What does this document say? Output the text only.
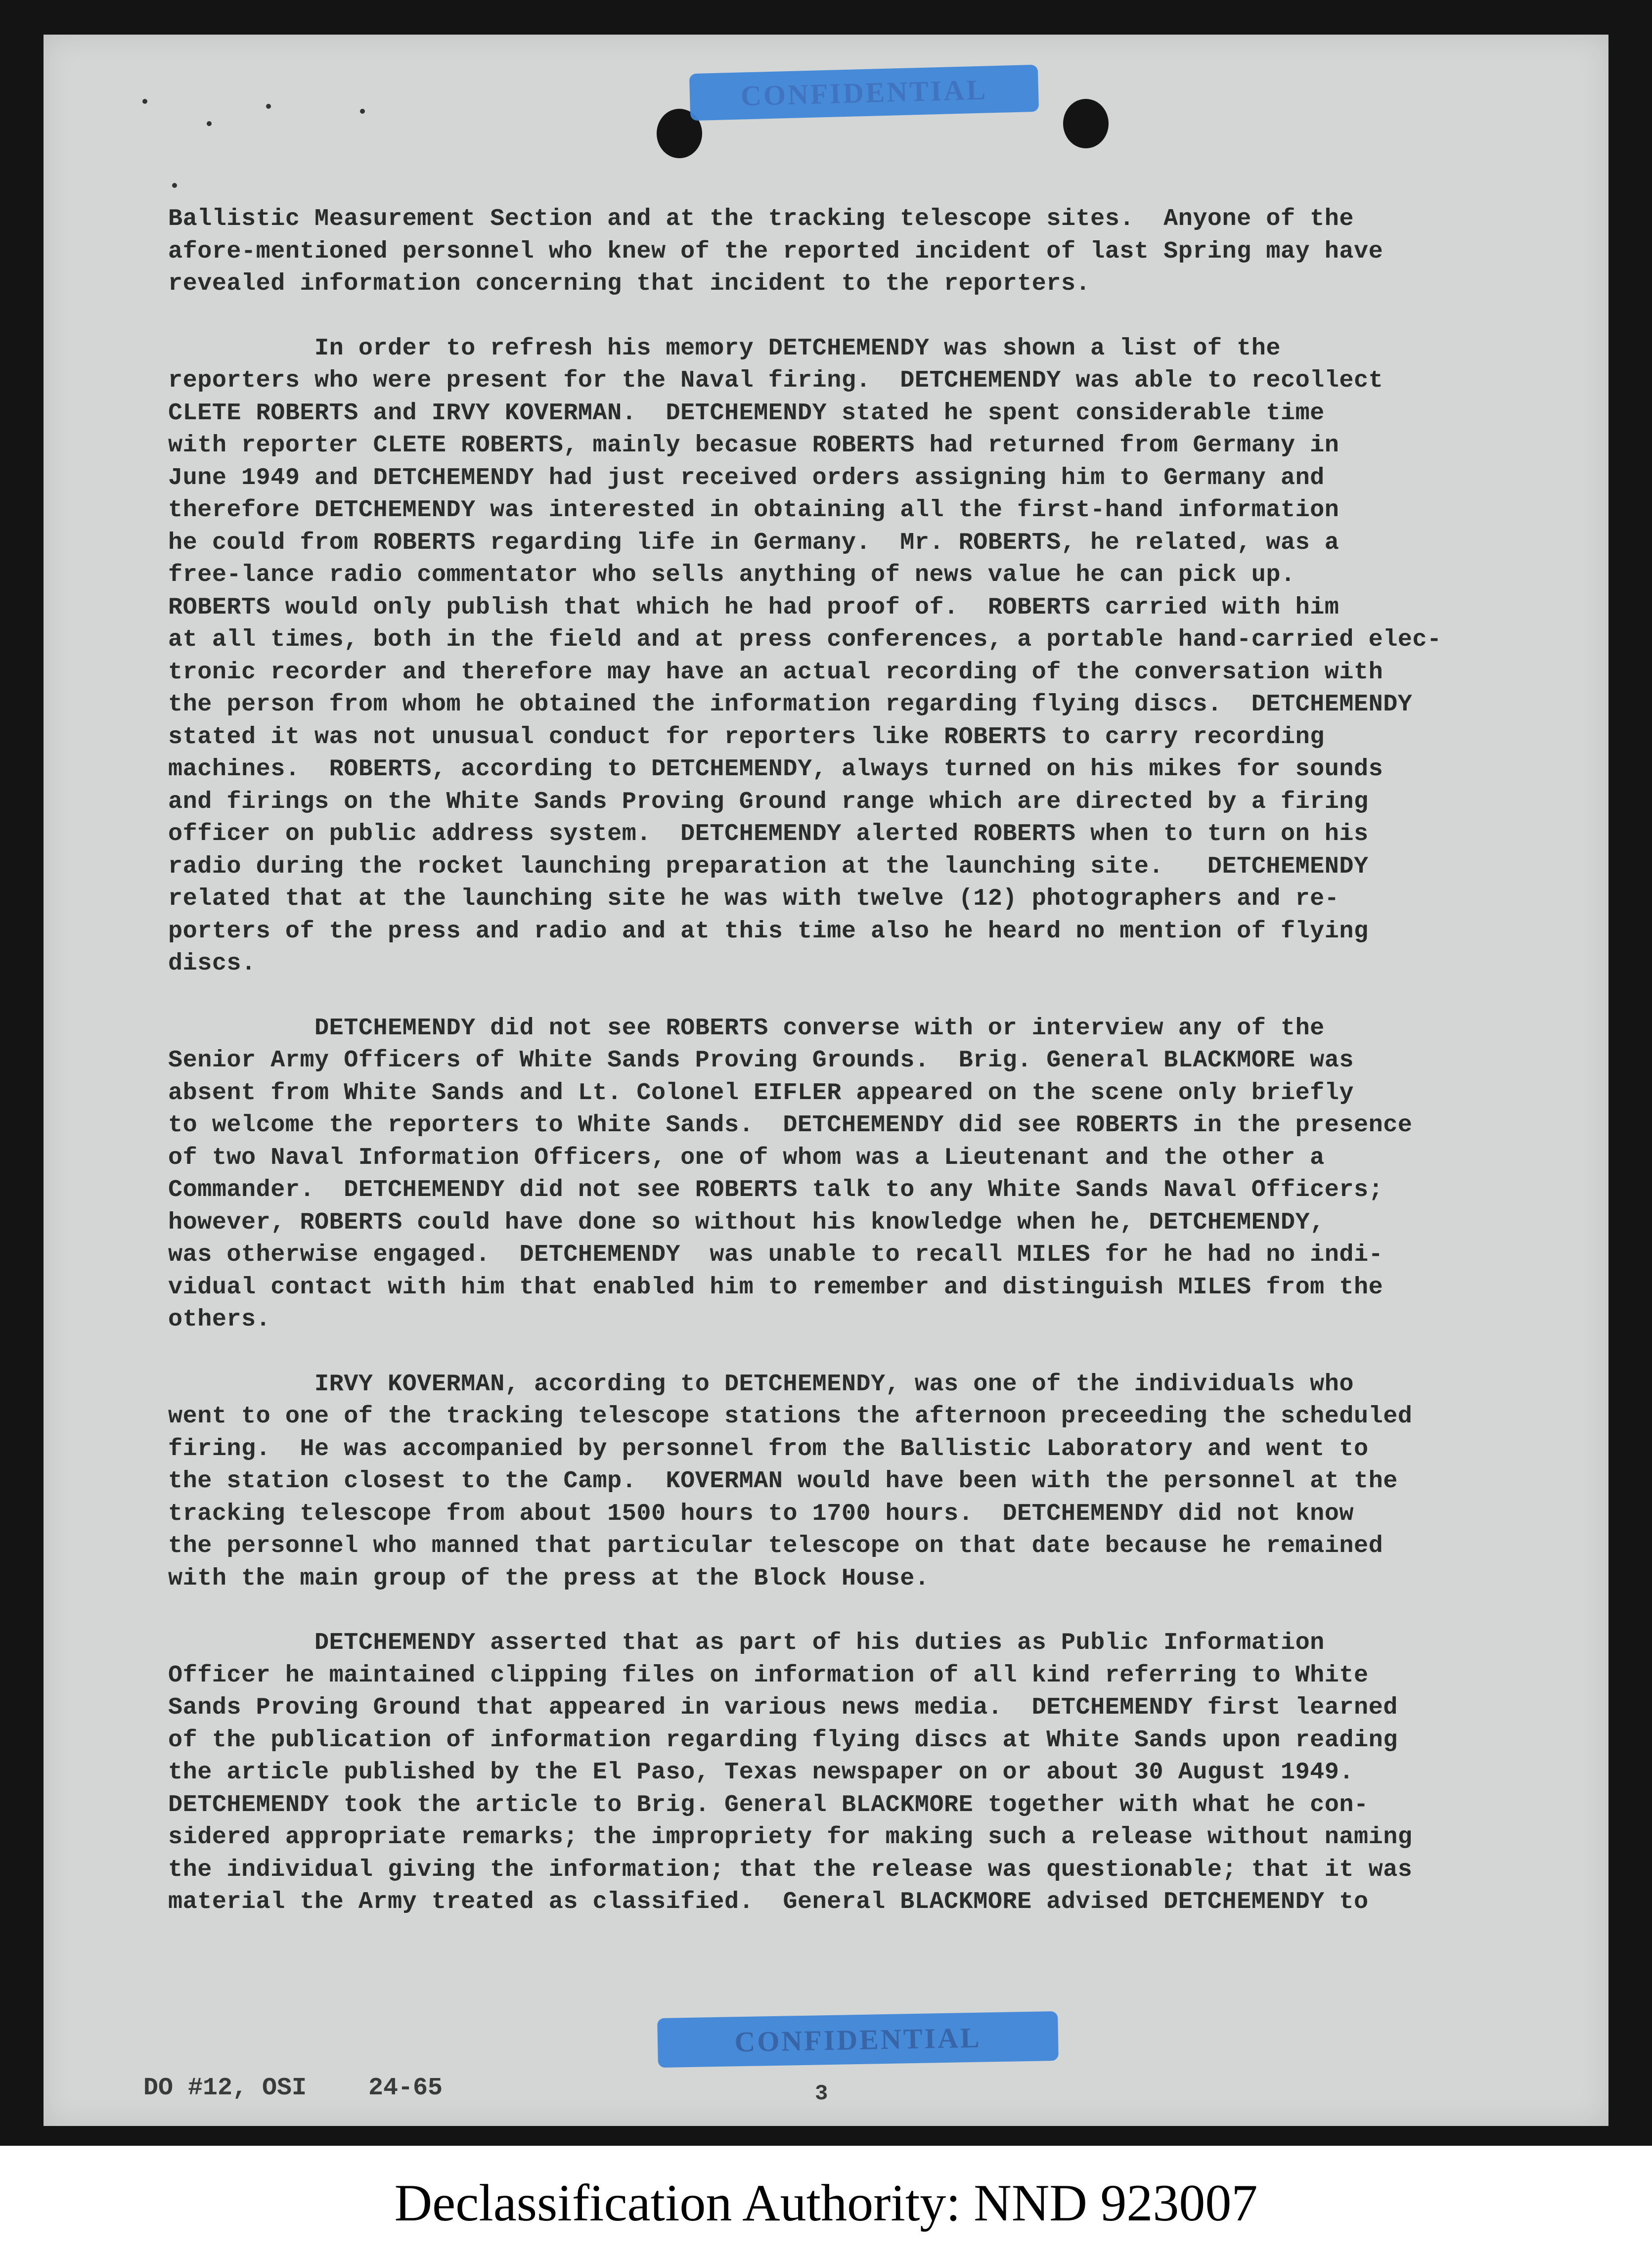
CONFIDENTIAL
Ballistic Measurement Section and at the tracking telescope sites.  Anyone of the
afore-mentioned personnel who knew of the reported incident of last Spring may have
revealed information concerning that incident to the reporters.
In order to refresh his memory DETCHEMENDY was shown a list of the
reporters who were present for the Naval firing.  DETCHEMENDY was able to recollect
CLETE ROBERTS and IRVY KOVERMAN.  DETCHEMENDY stated he spent considerable time
with reporter CLETE ROBERTS, mainly becasue ROBERTS had returned from Germany in
June 1949 and DETCHEMENDY had just received orders assigning him to Germany and
therefore DETCHEMENDY was interested in obtaining all the first-hand information
he could from ROBERTS regarding life in Germany.  Mr. ROBERTS, he related, was a
free-lance radio commentator who sells anything of news value he can pick up.
ROBERTS would only publish that which he had proof of.  ROBERTS carried with him
at all times, both in the field and at press conferences, a portable hand-carried elec-
tronic recorder and therefore may have an actual recording of the conversation with
the person from whom he obtained the information regarding flying discs.  DETCHEMENDY
stated it was not unusual conduct for reporters like ROBERTS to carry recording
machines.  ROBERTS, according to DETCHEMENDY, always turned on his mikes for sounds
and firings on the White Sands Proving Ground range which are directed by a firing
officer on public address system.  DETCHEMENDY alerted ROBERTS when to turn on his
radio during the rocket launching preparation at the launching site.   DETCHEMENDY
related that at the launching site he was with twelve (12) photographers and re-
porters of the press and radio and at this time also he heard no mention of flying
discs.
DETCHEMENDY did not see ROBERTS converse with or interview any of the
Senior Army Officers of White Sands Proving Grounds.  Brig. General BLACKMORE was
absent from White Sands and Lt. Colonel EIFLER appeared on the scene only briefly
to welcome the reporters to White Sands.  DETCHEMENDY did see ROBERTS in the presence
of two Naval Information Officers, one of whom was a Lieutenant and the other a
Commander.  DETCHEMENDY did not see ROBERTS talk to any White Sands Naval Officers;
however, ROBERTS could have done so without his knowledge when he, DETCHEMENDY,
was otherwise engaged.  DETCHEMENDY  was unable to recall MILES for he had no indi-
vidual contact with him that enabled him to remember and distinguish MILES from the
others.
IRVY KOVERMAN, according to DETCHEMENDY, was one of the individuals who
went to one of the tracking telescope stations the afternoon preceeding the scheduled
firing.  He was accompanied by personnel from the Ballistic Laboratory and went to
the station closest to the Camp.  KOVERMAN would have been with the personnel at the
tracking telescope from about 1500 hours to 1700 hours.  DETCHEMENDY did not know
the personnel who manned that particular telescope on that date because he remained
with the main group of the press at the Block House.
DETCHEMENDY asserted that as part of his duties as Public Information
Officer he maintained clipping files on information of all kind referring to White
Sands Proving Ground that appeared in various news media.  DETCHEMENDY first learned
of the publication of information regarding flying discs at White Sands upon reading
the article published by the El Paso, Texas newspaper on or about 30 August 1949.
DETCHEMENDY took the article to Brig. General BLACKMORE together with what he con-
sidered appropriate remarks; the impropriety for making such a release without naming
the individual giving the information; that the release was questionable; that it was
material the Army treated as classified.  General BLACKMORE advised DETCHEMENDY to
CONFIDENTIAL
DO #12, OSI 24-65	3
Declassification Authority: NND 923007
